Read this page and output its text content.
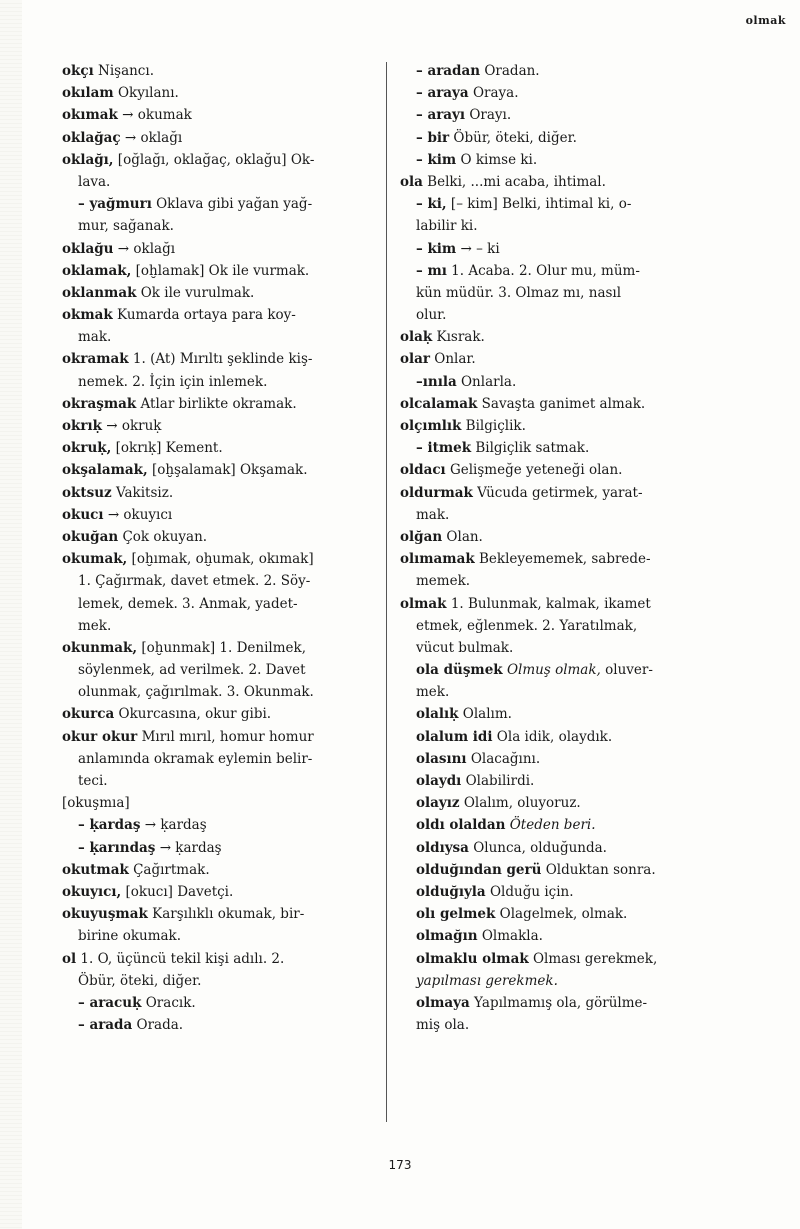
olmak
okçı Nişancı.
okılam Okyılanı.
okımak → okumak
oklağaç → oklağı
oklağı, [oğlağı, oklağaç, oklağu] Ok-
lava.
– yağmurı Oklava gibi yağan yağ-
mur, sağanak.
oklağu → oklağı
oklamak, [oḫlamak] Ok ile vurmak.
oklanmak Ok ile vurulmak.
okmak Kumarda ortaya para koy-
mak.
okramak 1. (At) Mırıltı şeklinde kiş-
nemek. 2. İçin için inlemek.
okraşmak Atlar birlikte okramak.
okrıḳ → okruḳ
okruḳ, [okrıḳ] Kement.
okşalamak, [oḫşalamak] Okşamak.
oktsuz Vakitsiz.
okucı → okuyıcı
okuğan Çok okuyan.
okumak, [oḫımak, oḫumak, okımak]
1. Çağırmak, davet etmek. 2. Söy-
lemek, demek. 3. Anmak, yadet-
mek.
okunmak, [oḫunmak] 1. Denilmek,
söylenmek, ad verilmek. 2. Davet
olunmak, çağırılmak. 3. Okunmak.
okurca Okurcasına, okur gibi.
okur okur Mırıl mırıl, homur homur
anlamında okramak eylemin belir-
teci.
[okuşmıa]
– ḳardaş → ḳardaş
– ḳarındaş → ḳardaş
okutmak Çağırtmak.
okuyıcı, [okucı] Davetçi.
okuyuşmak Karşılıklı okumak, bir-
birine okumak.
ol 1. O, üçüncü tekil kişi adılı. 2.
Öbür, öteki, diğer.
– aracuḳ Oracık.
– arada Orada.
– aradan Oradan.
– araya Oraya.
– arayı Orayı.
– bir Öbür, öteki, diğer.
– kim O kimse ki.
ola Belki, ...mi acaba, ihtimal.
– ki, [– kim] Belki, ihtimal ki, o-
labilir ki.
– kim → – ki
– mı 1. Acaba. 2. Olur mu, müm-
kün müdür. 3. Olmaz mı, nasıl
olur.
olaḳ Kısrak.
olar Onlar.
–ınıla Onlarla.
olcalamak Savaşta ganimet almak.
olçımlık Bilgiçlik.
– itmek Bilgiçlik satmak.
oldacı Gelişmeğe yeteneği olan.
oldurmak Vücuda getirmek, yarat-
mak.
olğan Olan.
olımamak Bekleyememek, sabrede-
memek.
olmak 1. Bulunmak, kalmak, ikamet
etmek, eğlenmek. 2. Yaratılmak,
vücut bulmak.
ola düşmek Olmuş olmak, oluver-
mek.
olalıḳ Olalım.
olalum idi Ola idik, olaydık.
olasını Olacağını.
olaydı Olabilirdi.
olayız Olalım, oluyoruz.
oldı olaldan Öteden beri.
oldıysa Olunca, olduğunda.
olduğından gerü Olduktan sonra.
olduğıyla Olduğu için.
olı gelmek Olagelmek, olmak.
olmağın Olmakla.
olmaklu olmak Olması gerekmek,
yapılması gerekmek.
olmaya Yapılmamış ola, görülme-
miş ola.
173
